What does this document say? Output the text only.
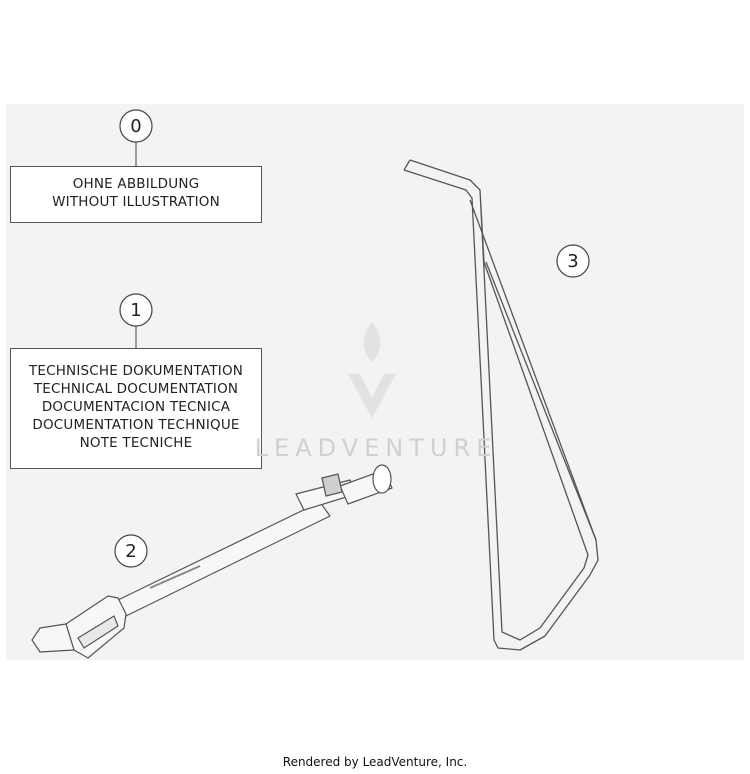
0
1
2
3
OHNE ABBILDUNG
WITHOUT ILLUSTRATION
TECHNISCHE DOKUMENTATION
TECHNICAL DOCUMENTATION
DOCUMENTACION TECNICA
DOCUMENTATION TECHNIQUE
NOTE TECNICHE	LEADVENTURE
Rendered by LeadVenture, Inc.
